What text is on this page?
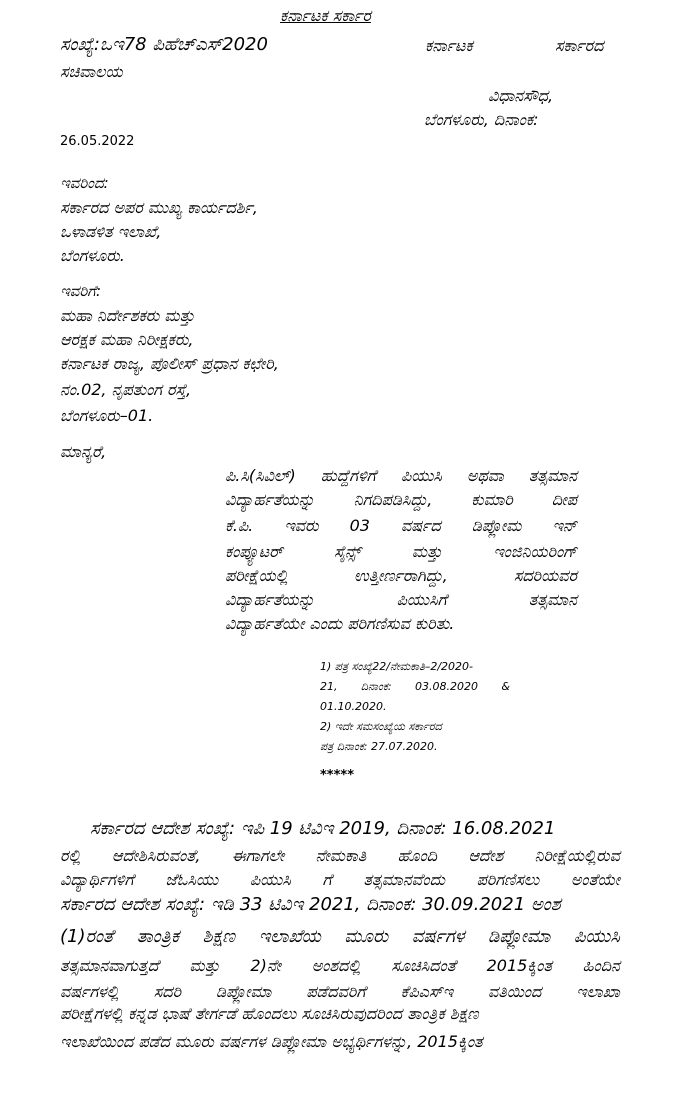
ಕರ್ನಾಟಕ ಸರ್ಕಾರ
ಸಂಖ್ಯೆ:ಒಇ78 ಪಿಹೆಚ್ಎಸ್2020	ಕರ್ನಾಟಕ	ಸರ್ಕಾರದ
ಸಚಿವಾಲಯ
ವಿಧಾನಸೌಧ,
ಬೆಂಗಳೂರು, ದಿನಾಂಕ:
26.05.2022
ಇವರಿಂದ:
ಸರ್ಕಾರದ ಅಪರ ಮುಖ್ಯ ಕಾರ್ಯದರ್ಶಿ,
ಒಳಾಡಳಿತ ಇಲಾಖೆ,
ಬೆಂಗಳೂರು.
ಇವರಿಗೆ:
ಮಹಾ ನಿರ್ದೇಶಕರು ಮತ್ತು
ಆರಕ್ಷಕ ಮಹಾ ನಿರೀಕ್ಷಕರು,
ಕರ್ನಾಟಕ ರಾಜ್ಯ, ಪೊಲೀಸ್ ಪ್ರಧಾನ ಕಛೇರಿ,
ನಂ.02, ನೃಪತುಂಗ ರಸ್ತೆ,
ಬೆಂಗಳೂರು–01.
ಮಾನ್ಯರೆ,
ಪಿ.ಸಿ(ಸಿವಿಲ್) ಹುದ್ದೆಗಳಿಗೆ ಪಿಯುಸಿ ಅಥವಾ ತತ್ಸಮಾನ
ವಿದ್ಯಾರ್ಹತೆಯನ್ನು ನಿಗದಿಪಡಿಸಿದ್ದು, ಕುಮಾರಿ ದೀಪ
ಕೆ.ಪಿ. ಇವರು 03 ವರ್ಷದ ಡಿಪ್ಲೋಮ ಇನ್
ಕಂಪ್ಯೂಟರ್	ಸೈನ್ಸ್	ಮತ್ತು	ಇಂಜಿನಿಯರಿಂಗ್
ಪರೀಕ್ಷೆಯಲ್ಲಿ	ಉತ್ತೀರ್ಣರಾಗಿದ್ದು,	ಸದರಿಯವರ
ವಿದ್ಯಾರ್ಹತೆಯನ್ನು	ಪಿಯುಸಿಗೆ	ತತ್ಸಮಾನ
ವಿದ್ಯಾರ್ಹತೆಯೇ ಎಂದು ಪರಿಗಣಿಸುವ ಕುರಿತು.
1) ಪತ್ರ ಸಂಖ್ಯೆ22/ನೇಮಕಾತಿ–2/2020-
21, ದಿನಾಂಕ: 03.08.2020 &
01.10.2020.
2) ಇದೇ ಸಮಸಂಖ್ಯೆಯ ಸರ್ಕಾರದ
ಪತ್ರ ದಿನಾಂಕ: 27.07.2020.
*****
ಸರ್ಕಾರದ ಆದೇಶ ಸಂಖ್ಯೆ: ಇಪಿ 19 ಟಿವಿಇ 2019, ದಿನಾಂಕ: 16.08.2021
ರಲ್ಲಿ ಆದೇಶಿಸಿರುವಂತೆ, ಈಗಾಗಲೇ ನೇಮಕಾತಿ ಹೊಂದಿ ಆದೇಶ ನಿರೀಕ್ಷೆಯಲ್ಲಿರುವ
ವಿದ್ಯಾರ್ಥಿಗಳಿಗೆ ಜೆಓಸಿಯು ಪಿಯುಸಿ ಗೆ ತತ್ಸಮಾನವೆಂದು ಪರಿಗಣಿಸಲು ಅಂತೆಯೇ
ಸರ್ಕಾರದ ಆದೇಶ ಸಂಖ್ಯೆ: ಇಡಿ 33 ಟಿವಿಇ 2021, ದಿನಾಂಕ: 30.09.2021 ಅಂಶ
(1)ರಂತೆ ತಾಂತ್ರಿಕ ಶಿಕ್ಷಣ ಇಲಾಖೆಯ ಮೂರು ವರ್ಷಗಳ ಡಿಪ್ಲೋಮಾ ಪಿಯುಸಿ
ತತ್ಸಮಾನವಾಗುತ್ತದೆ ಮತ್ತು 2)ನೇ ಅಂಶದಲ್ಲಿ ಸೂಚಿಸಿದಂತೆ 2015ಕ್ಕಿಂತ ಹಿಂದಿನ
ವರ್ಷಗಳಲ್ಲಿ ಸದರಿ ಡಿಪ್ಲೋಮಾ ಪಡೆದವರಿಗೆ ಕೆಪಿಎಸ್‌ಇ ವತಿಯಿಂದ ಇಲಾಖಾ
ಪರೀಕ್ಷೆಗಳಲ್ಲಿ ಕನ್ನಡ ಭಾಷೆ ತೇರ್ಗಡೆ ಹೊಂದಲು ಸೂಚಿಸಿರುವುದರಿಂದ ತಾಂತ್ರಿಕ ಶಿಕ್ಷಣ
ಇಲಾಖೆಯಿಂದ ಪಡೆದ ಮೂರು ವರ್ಷಗಳ ಡಿಪ್ಲೋಮಾ ಅಭ್ಯರ್ಥಿಗಳನ್ನು, 2015ಕ್ಕಿಂತ
